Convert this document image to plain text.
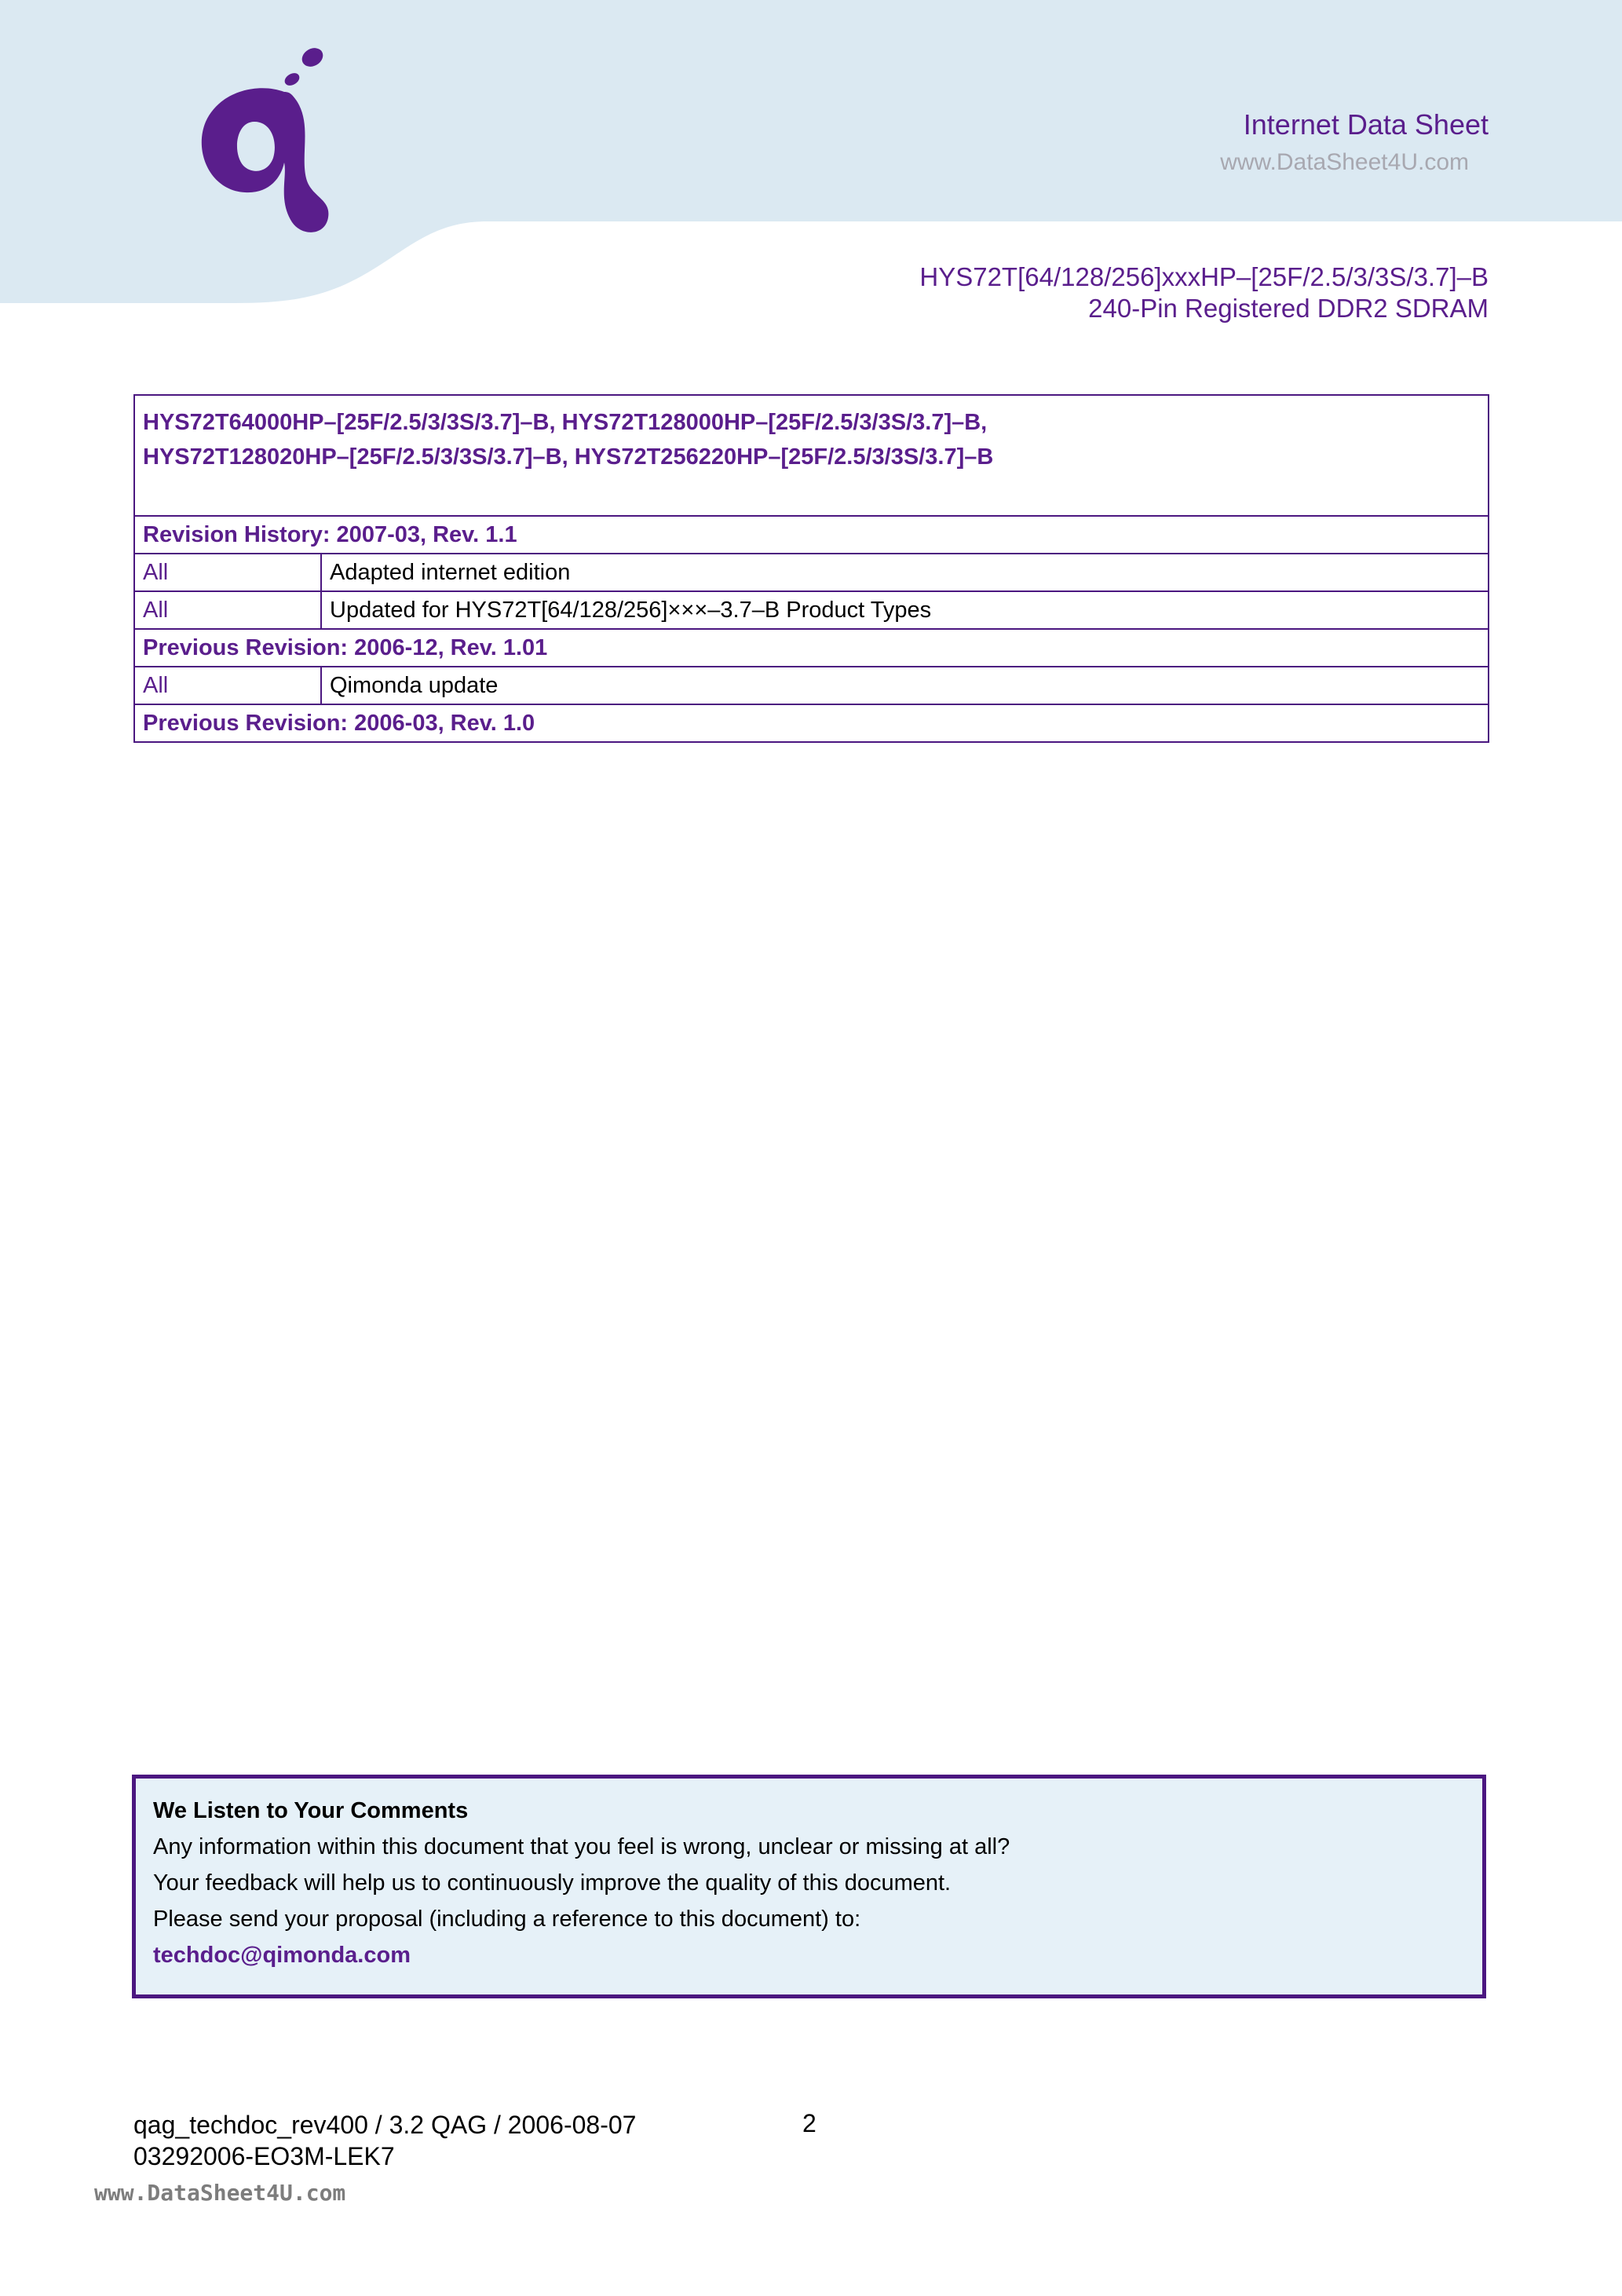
Internet Data Sheet
www.DataSheet4U.com
HYS72T[64/128/256]xxxHP–[25F/2.5/3/3S/3.7]–B
240-Pin Registered DDR2 SDRAM
HYS72T64000HP–[25F/2.5/3/3S/3.7]–B, HYS72T128000HP–[25F/2.5/3/3S/3.7]–B,
HYS72T128020HP–[25F/2.5/3/3S/3.7]–B, HYS72T256220HP–[25F/2.5/3/3S/3.7]–B	

Revision History: 2007-03, Rev. 1.1	
All	Adapted internet edition
All	Updated for HYS72T[64/128/256]×××–3.7–B Product Types
Previous Revision: 2006-12, Rev. 1.01	
All	Qimonda update
Previous Revision: 2006-03, Rev. 1.0	
We Listen to Your Comments
Any information within this document that you feel is wrong, unclear or missing at all?
Your feedback will help us to continuously improve the quality of this document.
Please send your proposal (including a reference to this document) to:
techdoc@qimonda.com
qag_techdoc_rev400 / 3.2 QAG / 2006-08-07
03292006-EO3M-LEK7
2
www.DataSheet4U.com
